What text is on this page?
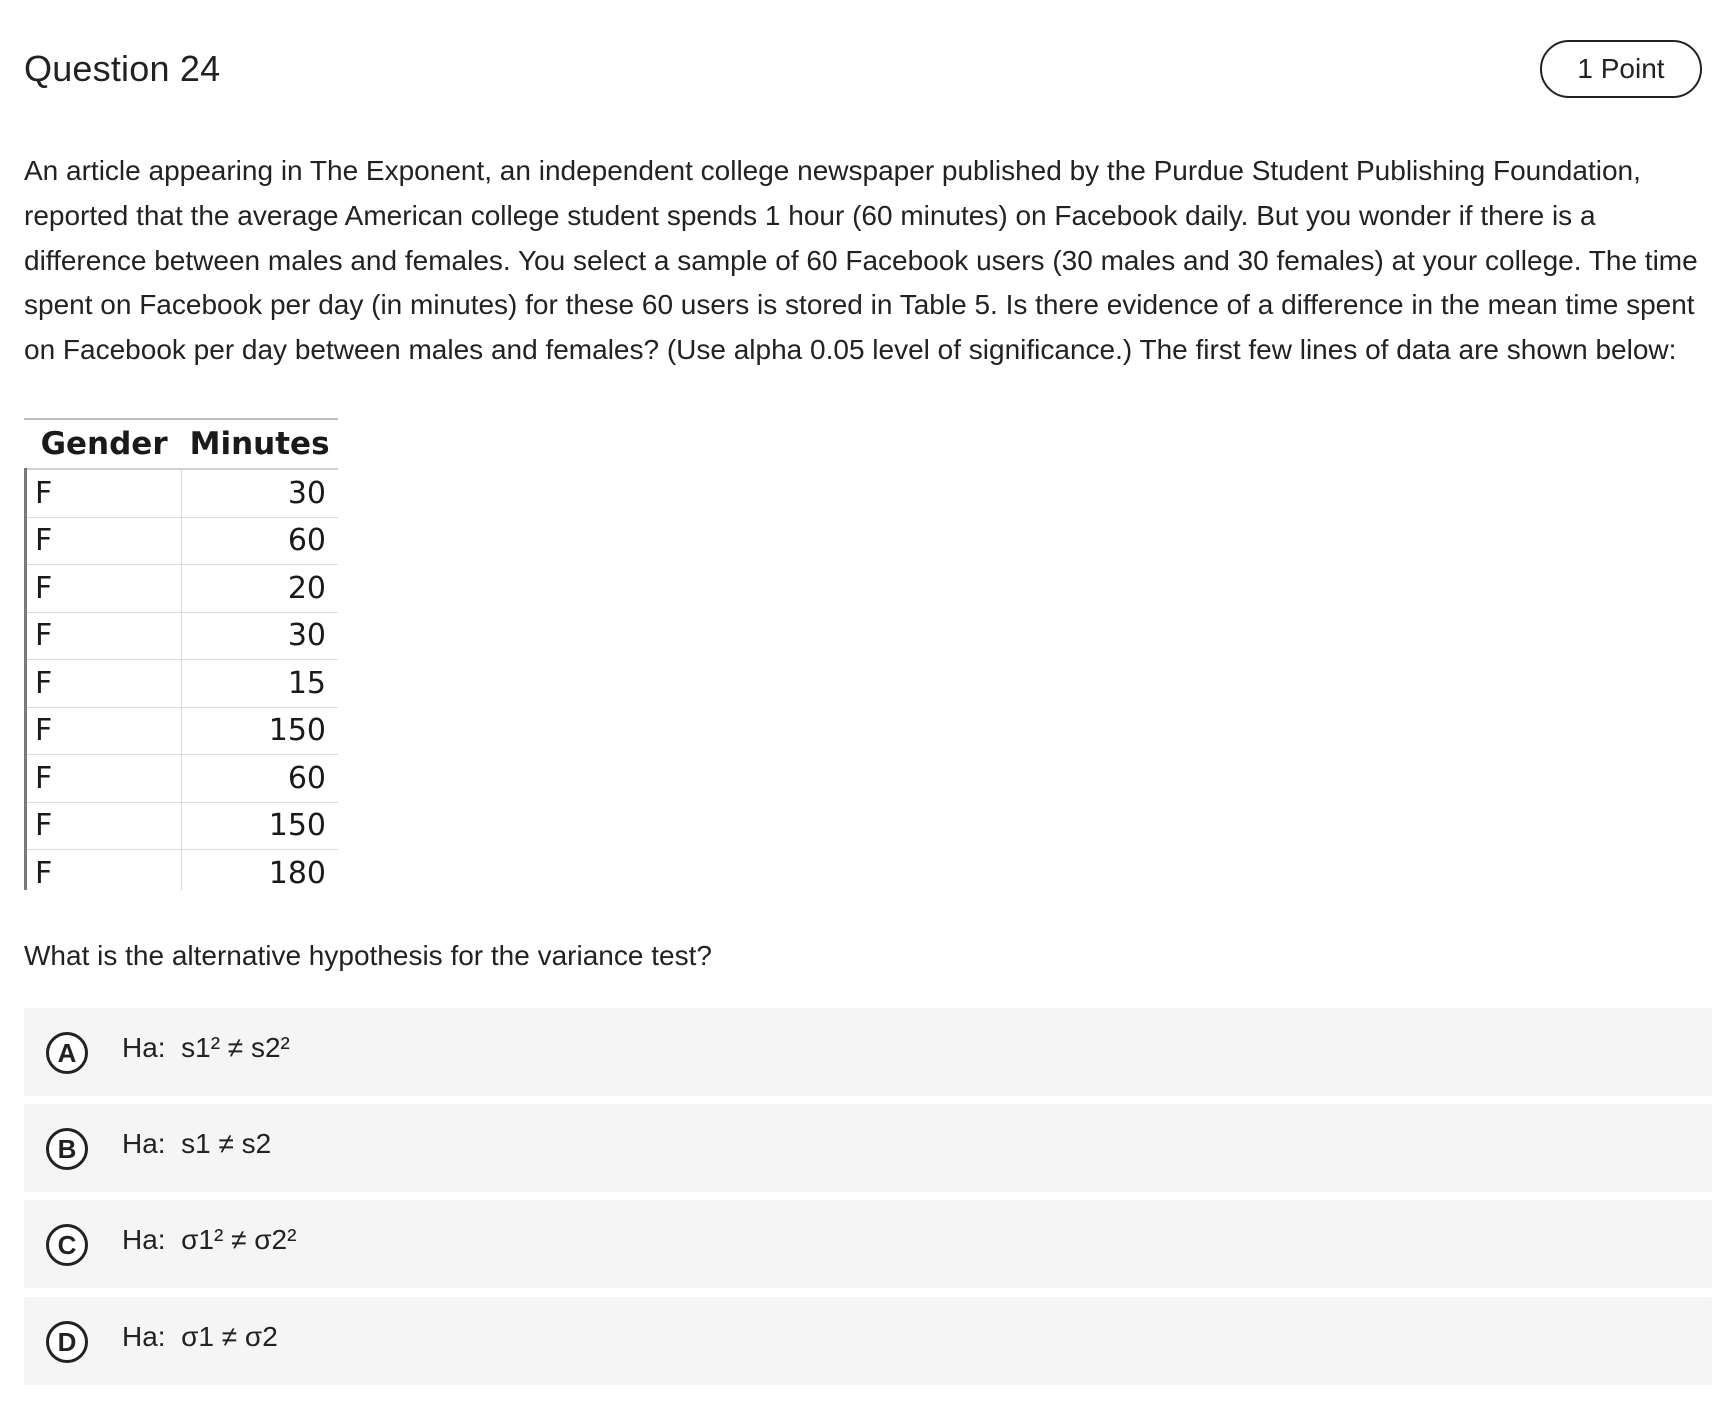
Question 24	1 Point

An article appearing in The Exponent, an independent college newspaper published by the Purdue Student Publishing Foundation, reported that the average American college student spends 1 hour (60 minutes) on Facebook daily. But you wonder if there is a difference between males and females. You select a sample of 60 Facebook users (30 males and 30 females) at your college. The time spent on Facebook per day (in minutes) for these 60 users is stored in Table 5. Is there evidence of a difference in the mean time spent on Facebook per day between males and females? (Use alpha 0.05 level of significance.) The first few lines of data are shown below:

Gender	Minutes
F	30
F	60
F	20
F	30
F	15
F	150
F	60
F	150
F	180
What is the alternative hypothesis for the variance test?
A	Ha:  s1² ≠ s2²
B	Ha:  s1 ≠ s2
C	Ha:  σ1² ≠ σ2²
D	Ha:  σ1 ≠ σ2
